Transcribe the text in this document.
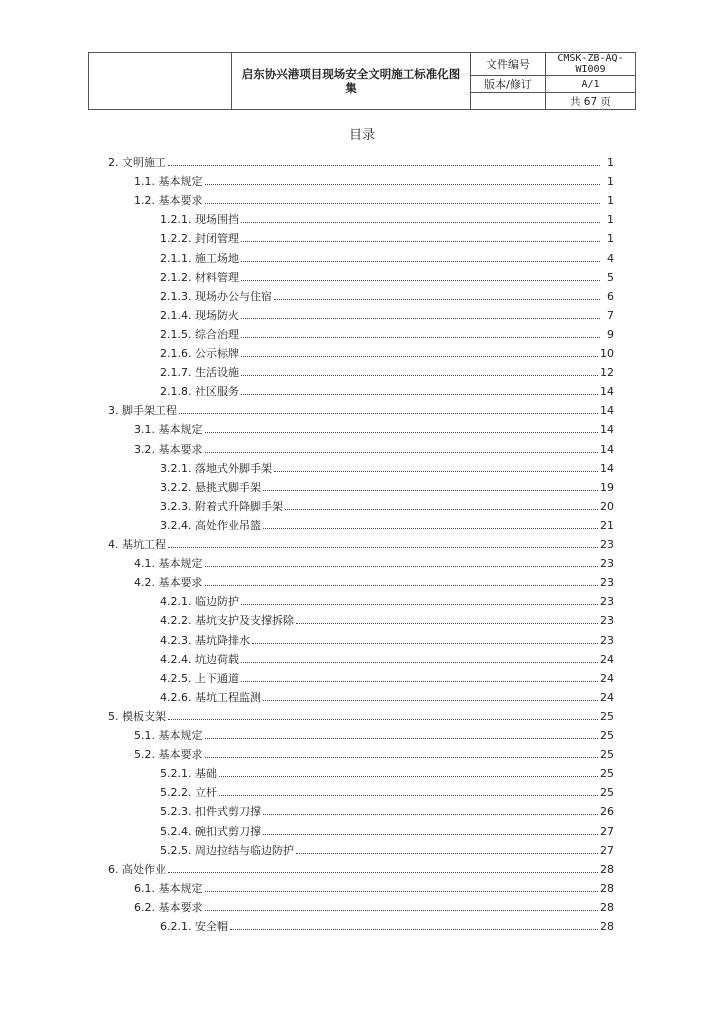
	启东协兴港项目现场安全文明施工标准化图集	文件编号	CMSK-ZB-AQ-WI009
		版本/修订	A/1
			共 67 页
目录
2. 文明施工	1
1.1. 基本规定	1
1.2. 基本要求	1
1.2.1. 现场围挡	1
1.2.2. 封闭管理	1
2.1.1. 施工场地	4
2.1.2. 材料管理	5
2.1.3. 现场办公与住宿	6
2.1.4. 现场防火	7
2.1.5. 综合治理	9
2.1.6. 公示标牌	10
2.1.7. 生活设施	12
2.1.8. 社区服务	14
3. 脚手架工程	14
3.1. 基本规定	14
3.2. 基本要求	14
3.2.1. 落地式外脚手架	14
3.2.2. 悬挑式脚手架	19
3.2.3. 附着式升降脚手架	20
3.2.4. 高处作业吊篮	21
4. 基坑工程	23
4.1. 基本规定	23
4.2. 基本要求	23
4.2.1. 临边防护	23
4.2.2. 基坑支护及支撑拆除	23
4.2.3. 基坑降排水	23
4.2.4. 坑边荷载	24
4.2.5. 上下通道	24
4.2.6. 基坑工程监测	24
5. 模板支架	25
5.1. 基本规定	25
5.2. 基本要求	25
5.2.1. 基础	25
5.2.2. 立杆	25
5.2.3. 扣件式剪刀撑	26
5.2.4. 碗扣式剪刀撑	27
5.2.5. 周边拉结与临边防护	27
6. 高处作业	28
6.1. 基本规定	28
6.2. 基本要求	28
6.2.1. 安全帽	28
